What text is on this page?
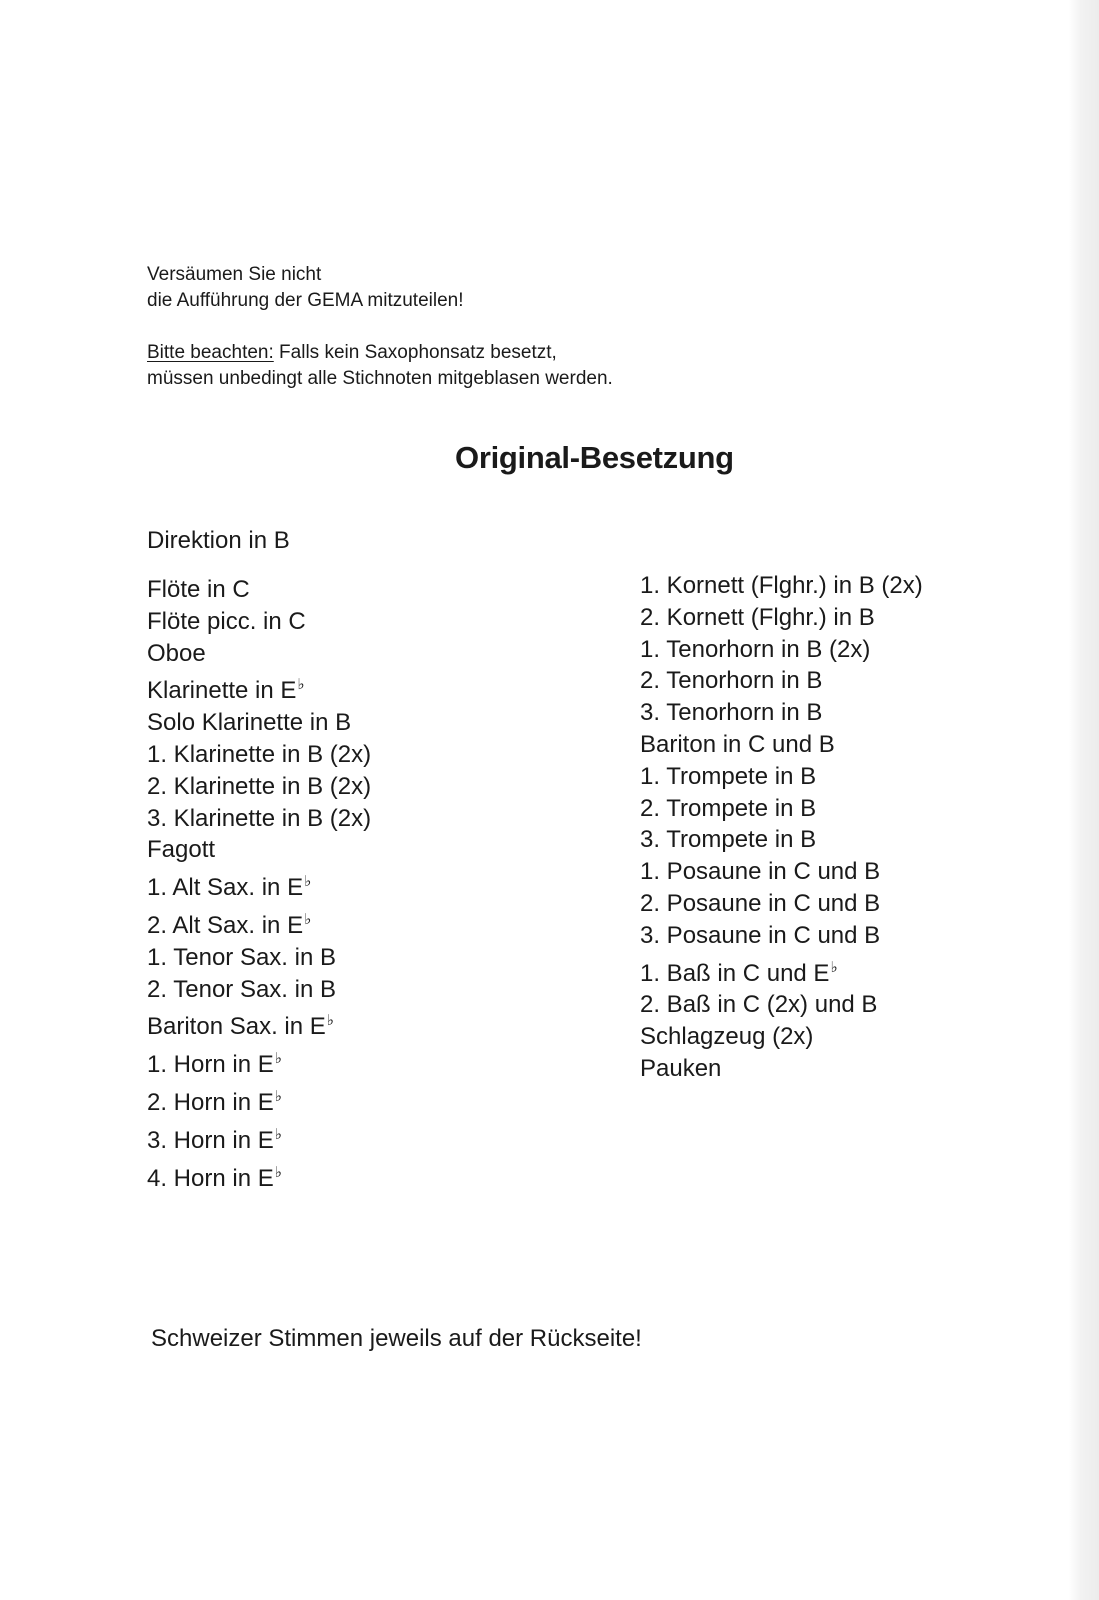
Versäumen Sie nicht
die Aufführung der GEMA mitzuteilen!
Bitte beachten: Falls kein Saxophonsatz besetzt,
müssen unbedingt alle Stichnoten mitgeblasen werden.
Original-Besetzung
Direktion in B
Flöte in C
Flöte picc. in C
Oboe
Klarinette in E♭
Solo Klarinette in B
1. Klarinette in B (2x)
2. Klarinette in B (2x)
3. Klarinette in B (2x)
Fagott
1. Alt Sax. in E♭
2. Alt Sax. in E♭
1. Tenor Sax. in B
2. Tenor Sax. in B
Bariton Sax. in E♭
1. Horn in E♭
2. Horn in E♭
3. Horn in E♭
4. Horn in E♭
1. Kornett (Flghr.) in B (2x)
2. Kornett (Flghr.) in B
1. Tenorhorn in B (2x)
2. Tenorhorn in B
3. Tenorhorn in B
Bariton in C und B
1. Trompete in B
2. Trompete in B
3. Trompete in B
1. Posaune in C und B
2. Posaune in C und B
3. Posaune in C und B
1. Baß in C und E♭
2. Baß in C (2x) und B
Schlagzeug (2x)
Pauken
Schweizer Stimmen jeweils auf der Rückseite!
